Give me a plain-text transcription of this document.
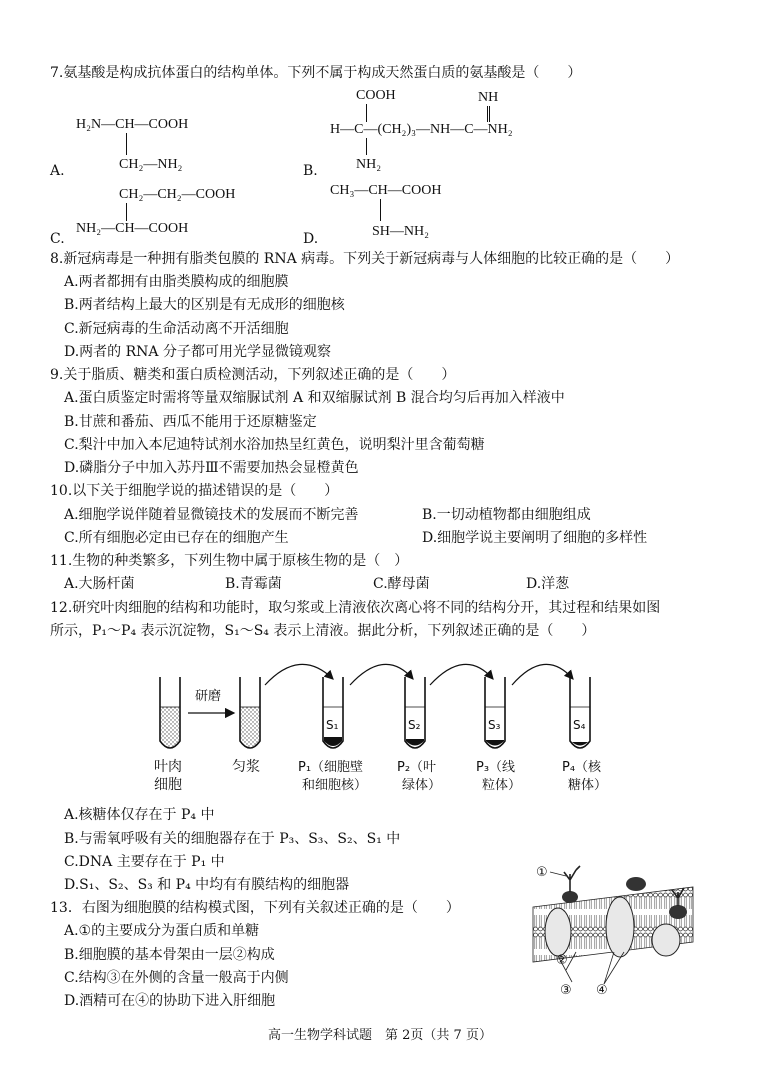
7.氨基酸是构成抗体蛋白的结构单体。下列不属于构成天然蛋白质的氨基酸是（　　）
H₂N—CH—COOH
CH₂—NH₂
A.
COOH	NH
H—C—(CH₂)₃—NH—C—NH₂
NH₂
B.
CH₂—CH₂—COOH
NH₂—CH—COOH
C.
CH₃—CH—COOH
SH—NH₂
D.
8.新冠病毒是一种拥有脂类包膜的 RNA 病毒。下列关于新冠病毒与人体细胞的比较正确的是（　　）
A.两者都拥有由脂类膜构成的细胞膜
B.两者结构上最大的区别是有无成形的细胞核
C.新冠病毒的生命活动离不开活细胞
D.两者的 RNA 分子都可用光学显微镜观察
9.关于脂质、糖类和蛋白质检测活动，下列叙述正确的是（　　）
A.蛋白质鉴定时需将等量双缩脲试剂 A 和双缩脲试剂 B 混合均匀后再加入样液中
B.甘蔗和番茄、西瓜不能用于还原糖鉴定
C.梨汁中加入本尼迪特试剂水浴加热呈红黄色，说明梨汁里含葡萄糖
D.磷脂分子中加入苏丹Ⅲ不需要加热会显橙黄色
10.以下关于细胞学说的描述错误的是（　　）
A.细胞学说伴随着显微镜技术的发展而不断完善	B.一切动植物都由细胞组成
C.所有细胞必定由已存在的细胞产生	D.细胞学说主要阐明了细胞的多样性
11.生物的种类繁多，下列生物中属于原核生物的是（　）
A.大肠杆菌	B.青霉菌	C.酵母菌	D.洋葱
12.研究叶肉细胞的结构和功能时，取匀浆或上清液依次离心将不同的结构分开，其过程和结果如图
所示，P₁～P₄ 表示沉淀物，S₁～S₄ 表示上清液。据此分析，下列叙述正确的是（　　）
研磨
S₁	S₂	S₃	S₄
叶肉
细胞
匀浆	P₁（细胞壁
和细胞核）
P₂（叶
绿体）
P₃（线
粒体）
P₄（核
糖体）
A.核糖体仅存在于 P₄ 中
B.与需氧呼吸有关的细胞器存在于 P₃、S₃、S₂、S₁ 中
C.DNA 主要存在于 P₁ 中
D.S₁、S₂、S₃ 和 P₄ 中均有有膜结构的细胞器
13．右图为细胞膜的结构模式图，下列有关叙述正确的是（　　）
A.①的主要成分为蛋白质和单糖
B.细胞膜的基本骨架由一层②构成
C.结构③在外侧的含量一般高于内侧
D.酒精可在④的协助下进入肝细胞
①
②
③ ④
高一生物学科试题　第 2页（共 7 页）
